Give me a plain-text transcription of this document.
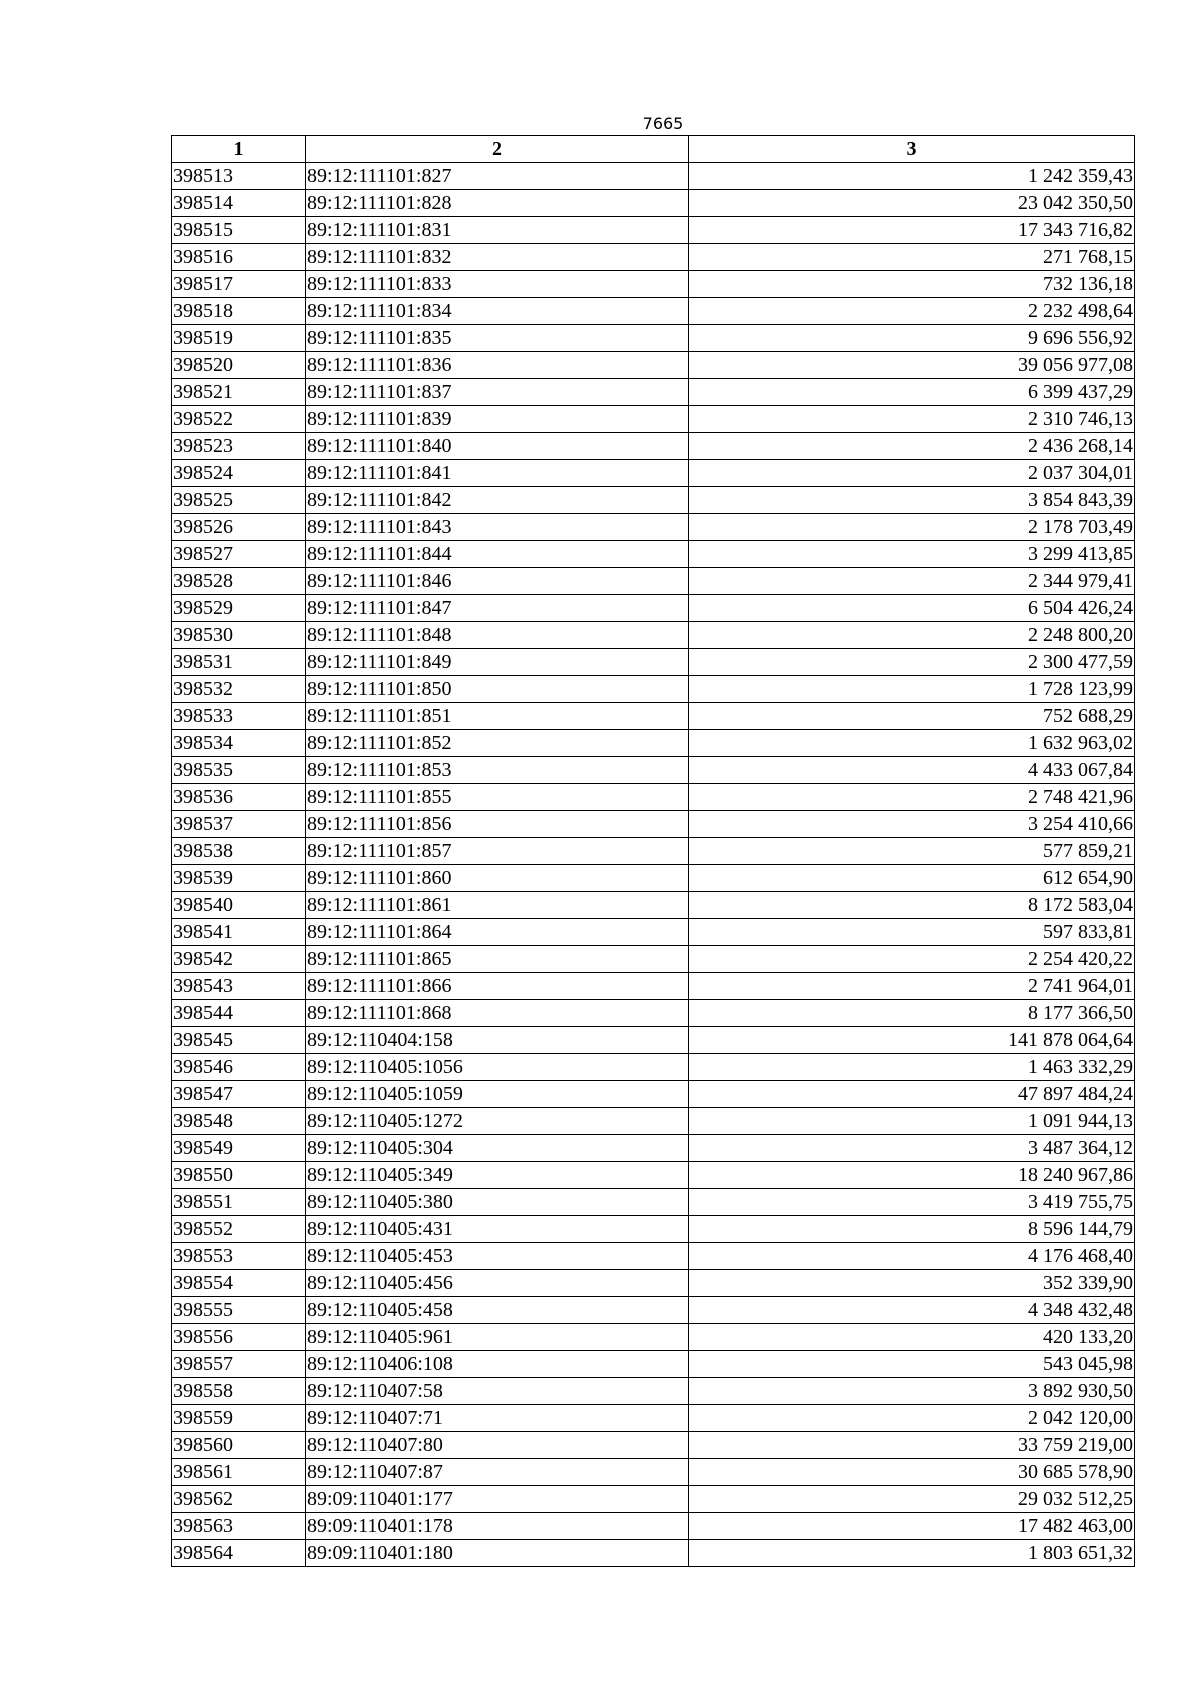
7665
1	2	3
398513	89:12:111101:827	1 242 359,43
398514	89:12:111101:828	23 042 350,50
398515	89:12:111101:831	17 343 716,82
398516	89:12:111101:832	271 768,15
398517	89:12:111101:833	732 136,18
398518	89:12:111101:834	2 232 498,64
398519	89:12:111101:835	9 696 556,92
398520	89:12:111101:836	39 056 977,08
398521	89:12:111101:837	6 399 437,29
398522	89:12:111101:839	2 310 746,13
398523	89:12:111101:840	2 436 268,14
398524	89:12:111101:841	2 037 304,01
398525	89:12:111101:842	3 854 843,39
398526	89:12:111101:843	2 178 703,49
398527	89:12:111101:844	3 299 413,85
398528	89:12:111101:846	2 344 979,41
398529	89:12:111101:847	6 504 426,24
398530	89:12:111101:848	2 248 800,20
398531	89:12:111101:849	2 300 477,59
398532	89:12:111101:850	1 728 123,99
398533	89:12:111101:851	752 688,29
398534	89:12:111101:852	1 632 963,02
398535	89:12:111101:853	4 433 067,84
398536	89:12:111101:855	2 748 421,96
398537	89:12:111101:856	3 254 410,66
398538	89:12:111101:857	577 859,21
398539	89:12:111101:860	612 654,90
398540	89:12:111101:861	8 172 583,04
398541	89:12:111101:864	597 833,81
398542	89:12:111101:865	2 254 420,22
398543	89:12:111101:866	2 741 964,01
398544	89:12:111101:868	8 177 366,50
398545	89:12:110404:158	141 878 064,64
398546	89:12:110405:1056	1 463 332,29
398547	89:12:110405:1059	47 897 484,24
398548	89:12:110405:1272	1 091 944,13
398549	89:12:110405:304	3 487 364,12
398550	89:12:110405:349	18 240 967,86
398551	89:12:110405:380	3 419 755,75
398552	89:12:110405:431	8 596 144,79
398553	89:12:110405:453	4 176 468,40
398554	89:12:110405:456	352 339,90
398555	89:12:110405:458	4 348 432,48
398556	89:12:110405:961	420 133,20
398557	89:12:110406:108	543 045,98
398558	89:12:110407:58	3 892 930,50
398559	89:12:110407:71	2 042 120,00
398560	89:12:110407:80	33 759 219,00
398561	89:12:110407:87	30 685 578,90
398562	89:09:110401:177	29 032 512,25
398563	89:09:110401:178	17 482 463,00
398564	89:09:110401:180	1 803 651,32
